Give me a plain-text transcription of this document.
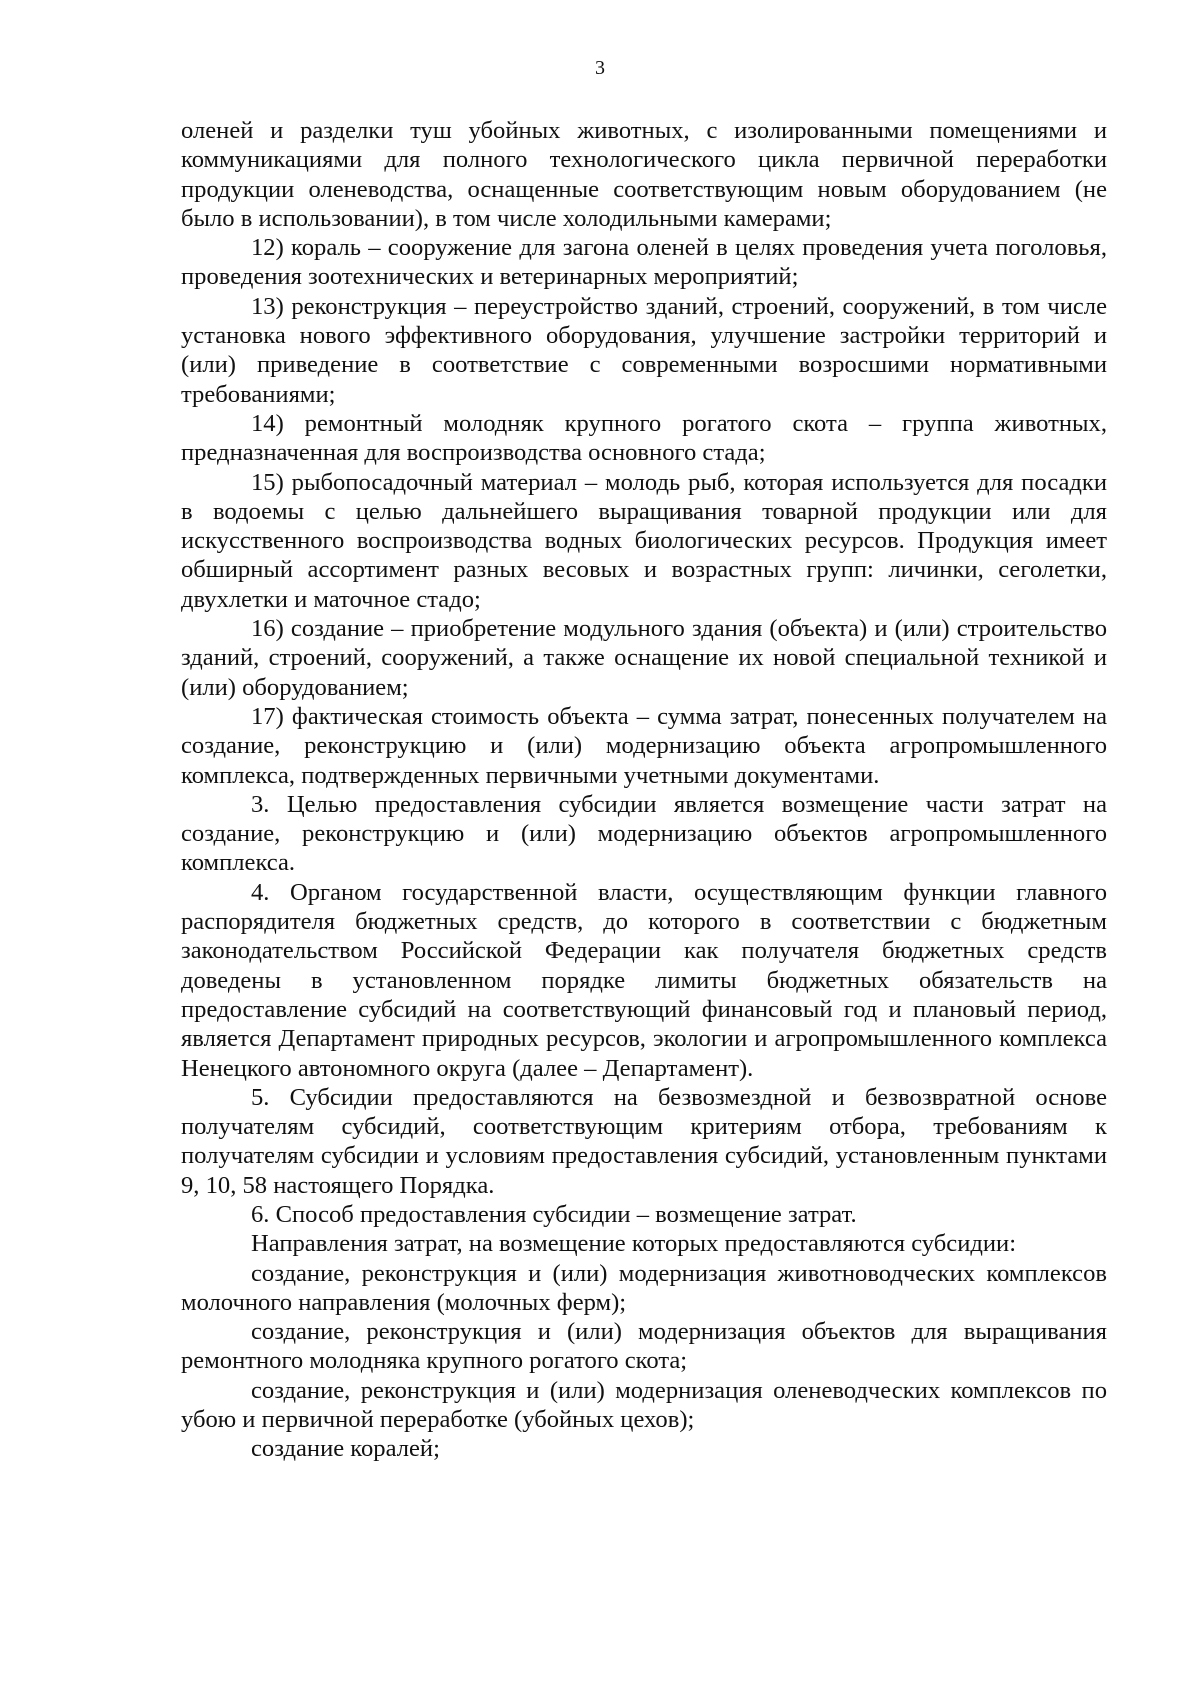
3

оленей и разделки туш убойных животных, с изолированными помещениями и коммуникациями для полного технологического цикла первичной переработки продукции оленеводства, оснащенные соответствующим новым оборудованием (не было в использовании), в том числе холодильными камерами;

12) кораль – сооружение для загона оленей в целях проведения учета поголовья, проведения зоотехнических и ветеринарных мероприятий;

13) реконструкция – переустройство зданий, строений, сооружений, в том числе установка нового эффективного оборудования, улучшение застройки территорий и (или) приведение в соответствие с современными возросшими нормативными требованиями;

14) ремонтный молодняк крупного рогатого скота – группа животных, предназначенная для воспроизводства основного стада;

15) рыбопосадочный материал – молодь рыб, которая используется для посадки в водоемы с целью дальнейшего выращивания товарной продукции или для искусственного воспроизводства водных биологических ресурсов. Продукция имеет обширный ассортимент разных весовых и возрастных групп: личинки, сеголетки, двухлетки и маточное стадо;

16) создание – приобретение модульного здания (объекта) и (или) строительство зданий, строений, сооружений, а также оснащение их новой специальной техникой и (или) оборудованием;

17) фактическая стоимость объекта – сумма затрат, понесенных получателем на создание, реконструкцию и (или) модернизацию объекта агропромышленного комплекса, подтвержденных первичными учетными документами.

3. Целью предоставления субсидии является возмещение части затрат на создание, реконструкцию и (или) модернизацию объектов агропромышленного комплекса.

4. Органом государственной власти, осуществляющим функции главного распорядителя бюджетных средств, до которого в соответствии с бюджетным законодательством Российской Федерации как получателя бюджетных средств доведены в установленном порядке лимиты бюджетных обязательств на предоставление субсидий на соответствующий финансовый год и плановый период, является Департамент природных ресурсов, экологии и агропромышленного комплекса Ненецкого автономного округа (далее – Департамент).

5. Субсидии предоставляются на безвозмездной и безвозвратной основе получателям субсидий, соответствующим критериям отбора, требованиям к получателям субсидии и условиям предоставления субсидий, установленным пунктами 9, 10, 58 настоящего Порядка.

6. Способ предоставления субсидии – возмещение затрат.

Направления затрат, на возмещение которых предоставляются субсидии:

создание, реконструкция и (или) модернизация животноводческих комплексов молочного направления (молочных ферм);

создание, реконструкция и (или) модернизация объектов для выращивания ремонтного молодняка крупного рогатого скота;

создание, реконструкция и (или) модернизация оленеводческих комплексов по убою и первичной переработке (убойных цехов);

создание коралей;
